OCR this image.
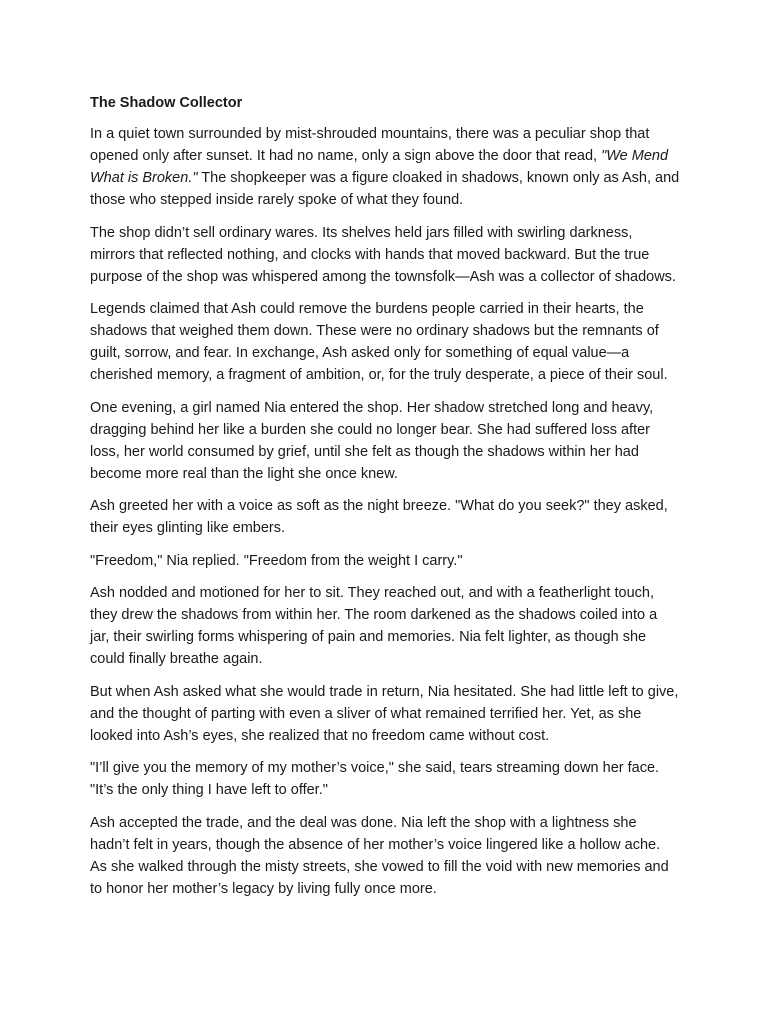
The Shadow Collector

In a quiet town surrounded by mist-shrouded mountains, there was a peculiar shop that opened only after sunset. It had no name, only a sign above the door that read, "We Mend What is Broken." The shopkeeper was a figure cloaked in shadows, known only as Ash, and those who stepped inside rarely spoke of what they found.

The shop didn’t sell ordinary wares. Its shelves held jars filled with swirling darkness, mirrors that reflected nothing, and clocks with hands that moved backward. But the true purpose of the shop was whispered among the townsfolk—Ash was a collector of shadows.

Legends claimed that Ash could remove the burdens people carried in their hearts, the shadows that weighed them down. These were no ordinary shadows but the remnants of guilt, sorrow, and fear. In exchange, Ash asked only for something of equal value—a cherished memory, a fragment of ambition, or, for the truly desperate, a piece of their soul.

One evening, a girl named Nia entered the shop. Her shadow stretched long and heavy, dragging behind her like a burden she could no longer bear. She had suffered loss after loss, her world consumed by grief, until she felt as though the shadows within her had become more real than the light she once knew.

Ash greeted her with a voice as soft as the night breeze. "What do you seek?" they asked, their eyes glinting like embers.

"Freedom," Nia replied. "Freedom from the weight I carry."

Ash nodded and motioned for her to sit. They reached out, and with a featherlight touch, they drew the shadows from within her. The room darkened as the shadows coiled into a jar, their swirling forms whispering of pain and memories. Nia felt lighter, as though she could finally breathe again.

But when Ash asked what she would trade in return, Nia hesitated. She had little left to give, and the thought of parting with even a sliver of what remained terrified her. Yet, as she looked into Ash’s eyes, she realized that no freedom came without cost.

"I’ll give you the memory of my mother’s voice," she said, tears streaming down her face. "It’s the only thing I have left to offer."

Ash accepted the trade, and the deal was done. Nia left the shop with a lightness she hadn’t felt in years, though the absence of her mother’s voice lingered like a hollow ache. As she walked through the misty streets, she vowed to fill the void with new memories and to honor her mother’s legacy by living fully once more.
